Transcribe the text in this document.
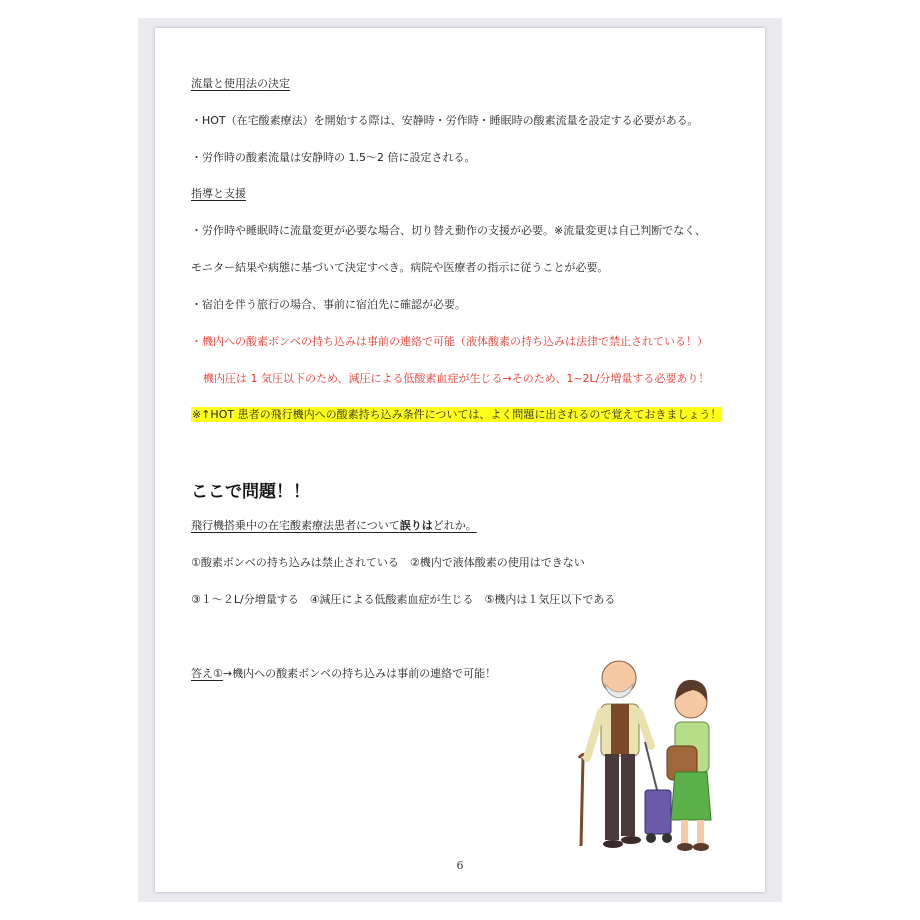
流量と使用法の決定
・HOT（在宅酸素療法）を開始する際は、安静時・労作時・睡眠時の酸素流量を設定する必要がある。
・労作時の酸素流量は安静時の 1.5～2 倍に設定される。
指導と支援
・労作時や睡眠時に流量変更が必要な場合、切り替え動作の支援が必要。※流量変更は自己判断でなく、
モニター結果や病態に基づいて決定すべき。病院や医療者の指示に従うことが必要。
・宿泊を伴う旅行の場合、事前に宿泊先に確認が必要。
・機内への酸素ボンベの持ち込みは事前の連絡で可能（液体酸素の持ち込みは法律で禁止されている！）
機内圧は 1 気圧以下のため、減圧による低酸素血症が生じる→そのため、1~2L/分増量する必要あり！
※↑HOT 患者の飛行機内への酸素持ち込み条件については、よく問題に出されるので覚えておきましょう！
ここで問題！！
飛行機搭乗中の在宅酸素療法患者について誤りはどれか。
①酸素ボンベの持ち込みは禁止されている　②機内で液体酸素の使用はできない
③１～２L/分増量する　④減圧による低酸素血症が生じる　⑤機内は１気圧以下である
答え①→機内への酸素ボンベの持ち込みは事前の連絡で可能！
6
